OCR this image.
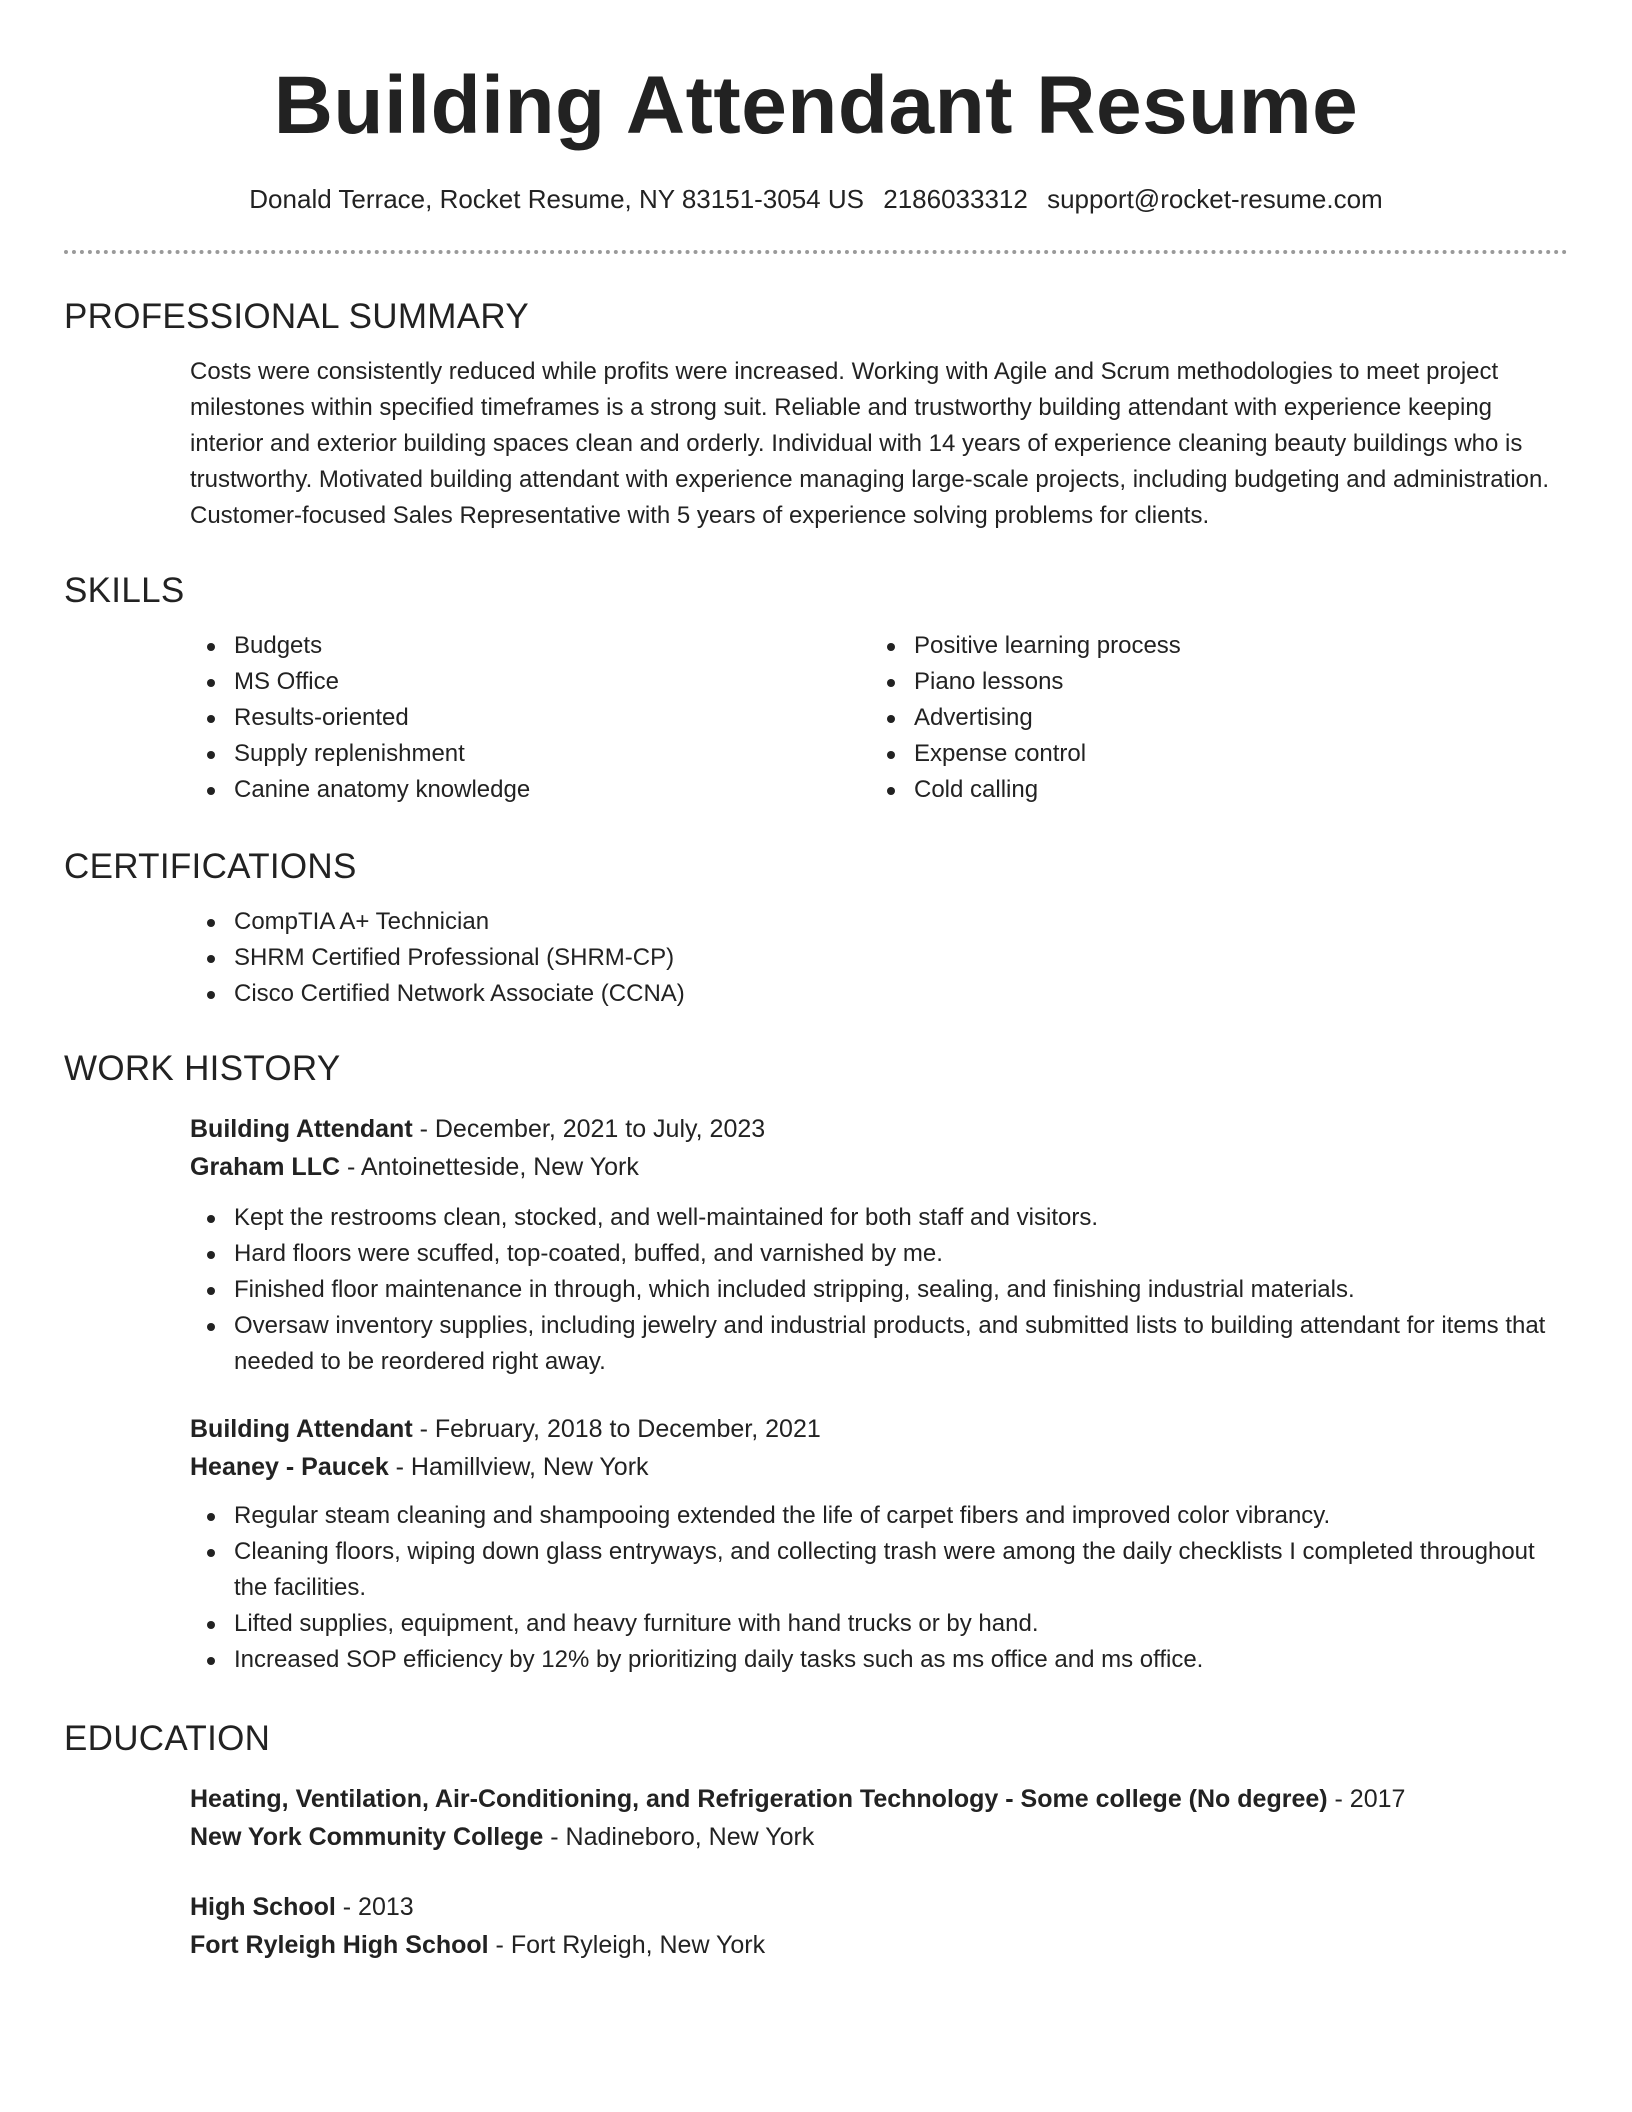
Building Attendant Resume
Donald Terrace, Rocket Resume, NY 83151-3054 US 2186033312 support@rocket-resume.com
PROFESSIONAL SUMMARY
Costs were consistently reduced while profits were increased. Working with Agile and Scrum methodologies to meet project milestones within specified timeframes is a strong suit. Reliable and trustworthy building attendant with experience keeping interior and exterior building spaces clean and orderly. Individual with 14 years of experience cleaning beauty buildings who is trustworthy. Motivated building attendant with experience managing large-scale projects, including budgeting and administration. Customer-focused Sales Representative with 5 years of experience solving problems for clients.
SKILLS
Budgets
MS Office
Results-oriented
Supply replenishment
Canine anatomy knowledge
Positive learning process
Piano lessons
Advertising
Expense control
Cold calling
CERTIFICATIONS
CompTIA A+ Technician
SHRM Certified Professional (SHRM-CP)
Cisco Certified Network Associate (CCNA)
WORK HISTORY
Building Attendant - December, 2021 to July, 2023
Graham LLC - Antoinetteside, New York
Kept the restrooms clean, stocked, and well-maintained for both staff and visitors.
Hard floors were scuffed, top-coated, buffed, and varnished by me.
Finished floor maintenance in through, which included stripping, sealing, and finishing industrial materials.
Oversaw inventory supplies, including jewelry and industrial products, and submitted lists to building attendant for items that needed to be reordered right away.
Building Attendant - February, 2018 to December, 2021
Heaney - Paucek - Hamillview, New York
Regular steam cleaning and shampooing extended the life of carpet fibers and improved color vibrancy.
Cleaning floors, wiping down glass entryways, and collecting trash were among the daily checklists I completed throughout the facilities.
Lifted supplies, equipment, and heavy furniture with hand trucks or by hand.
Increased SOP efficiency by 12% by prioritizing daily tasks such as ms office and ms office.
EDUCATION
Heating, Ventilation, Air-Conditioning, and Refrigeration Technology - Some college (No degree) - 2017
New York Community College - Nadineboro, New York
High School - 2013
Fort Ryleigh High School - Fort Ryleigh, New York
